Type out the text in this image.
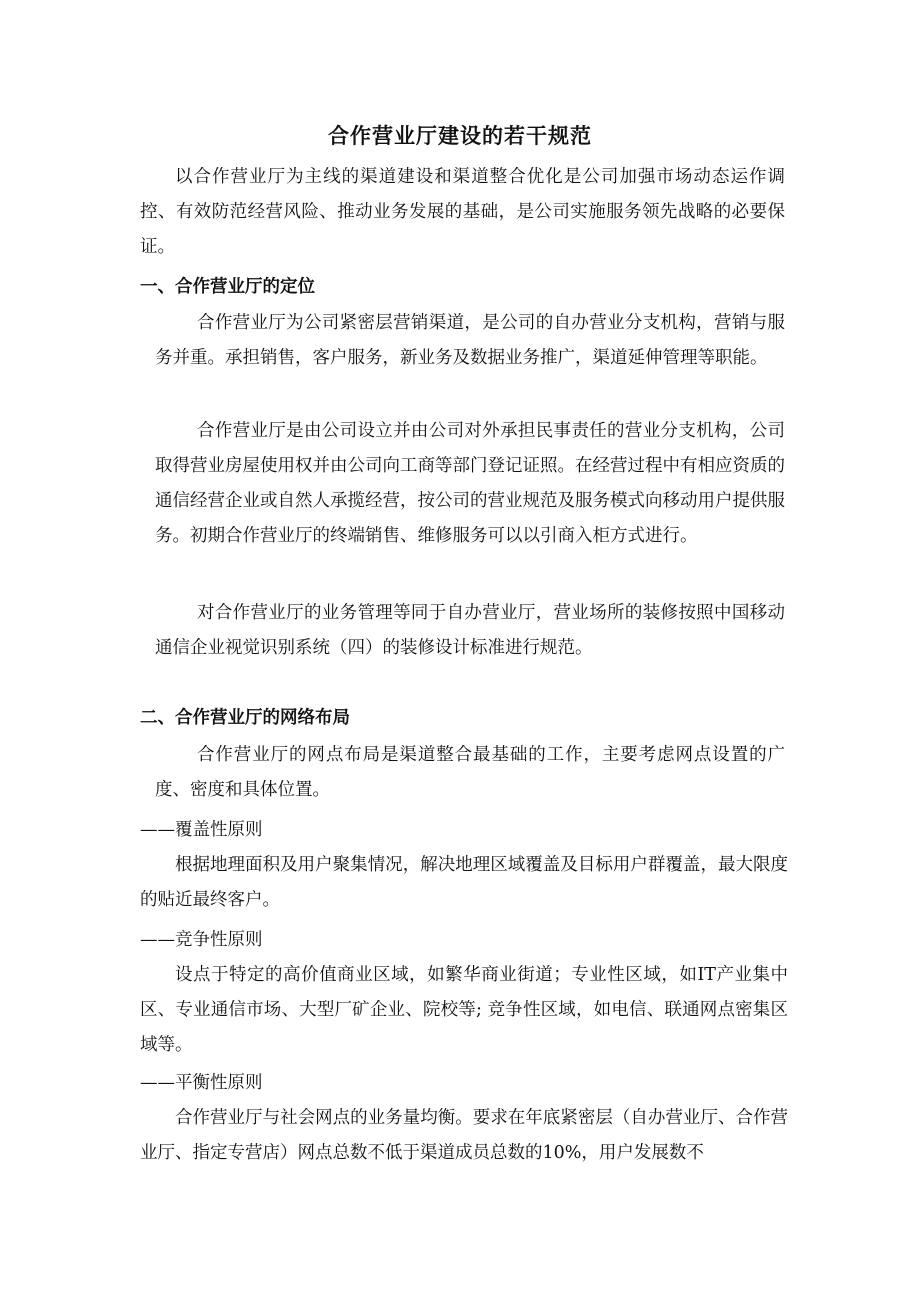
合作营业厅建设的若干规范
以合作营业厅为主线的渠道建设和渠道整合优化是公司加强市场动态运作调控、有效防范经营风险、推动业务发展的基础，是公司实施服务领先战略的必要保证。
一、合作营业厅的定位
合作营业厅为公司紧密层营销渠道，是公司的自办营业分支机构，营销与服务并重。承担销售，客户服务，新业务及数据业务推广，渠道延伸管理等职能。
合作营业厅是由公司设立并由公司对外承担民事责任的营业分支机构，公司取得营业房屋使用权并由公司向工商等部门登记证照。在经营过程中有相应资质的通信经营企业或自然人承揽经营，按公司的营业规范及服务模式向移动用户提供服务。初期合作营业厅的终端销售、维修服务可以以引商入柜方式进行。
对合作营业厅的业务管理等同于自办营业厅，营业场所的装修按照中国移动通信企业视觉识别系统（四）的装修设计标准进行规范。
二、合作营业厅的网络布局
合作营业厅的网点布局是渠道整合最基础的工作，主要考虑网点设置的广度、密度和具体位置。
——覆盖性原则
根据地理面积及用户聚集情况，解决地理区域覆盖及目标用户群覆盖，最大限度的贴近最终客户。
——竞争性原则
设点于特定的高价值商业区域，如繁华商业街道；专业性区域，如IT产业集中区、专业通信市场、大型厂矿企业、院校等; 竞争性区域，如电信、联通网点密集区域等。
——平衡性原则
合作营业厅与社会网点的业务量均衡。要求在年底紧密层（自办营业厅、合作营业厅、指定专营店）网点总数不低于渠道成员总数的10%，用户发展数不
